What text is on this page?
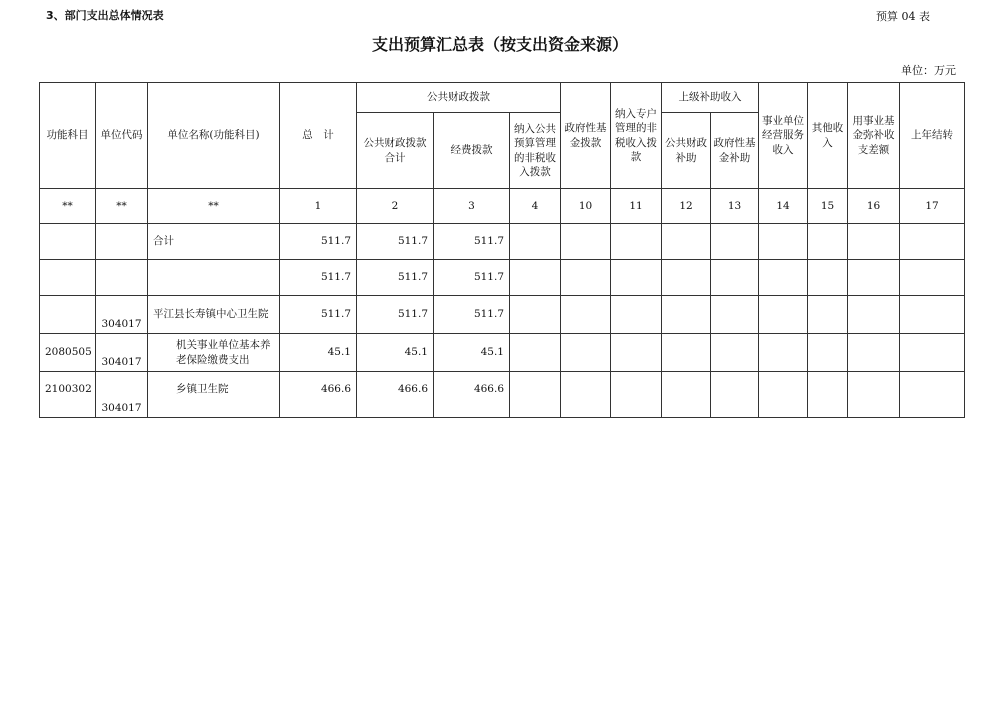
3、部门支出总体情况表	预算 04 表
支出预算汇总表（按支出资金来源）
单位：万元
功能科目	单位代码	单位名称(功能科目)	总　计	公共财政拨款			政府性基金拨款	纳入专户管理的非税收入拨款	上级补助收入		事业单位经营服务收入	其他收入	用事业基金弥补收支差额	上年结转
				公共财政拨款合计	经费拨款	纳入公共预算管理的非税收入拨款			公共财政补助	政府性基金补助				
**	**	**	1	2	3	4	10	11	12	13	14	15	16	17
		合计	511.7	511.7	511.7									
			511.7	511.7	511.7									
	304017	平江县长寿镇中心卫生院	511.7	511.7	511.7									
2080505	304017	机关事业单位基本养老保险缴费支出	45.1	45.1	45.1									
2100302	304017	乡镇卫生院	466.6	466.6	466.6									
